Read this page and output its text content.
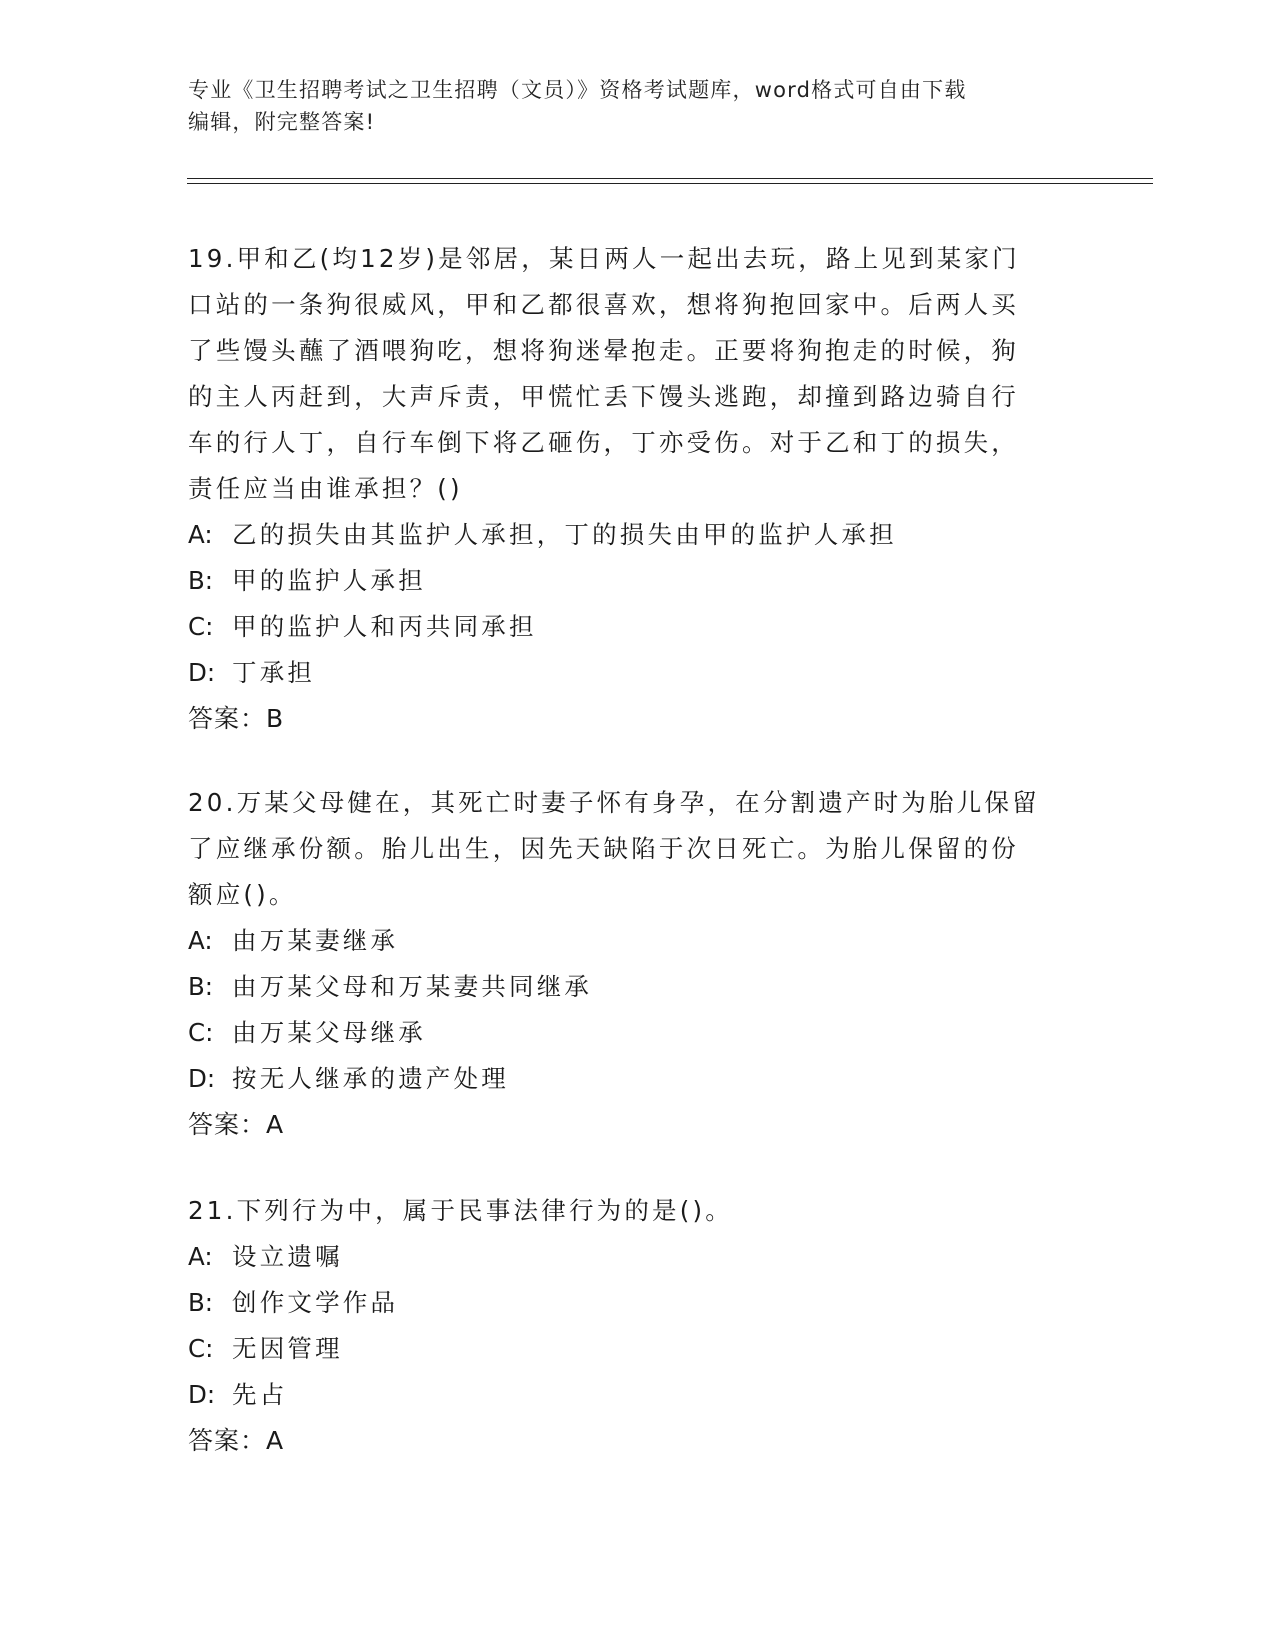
专业《卫生招聘考试之卫生招聘（文员）》资格考试题库，word格式可自由下载
编辑，附完整答案!

19.甲和乙(均12岁)是邻居，某日两人一起出去玩，路上见到某家门

口站的一条狗很威风，甲和乙都很喜欢，想将狗抱回家中。后两人买

了些馒头蘸了酒喂狗吃，想将狗迷晕抱走。正要将狗抱走的时候，狗

的主人丙赶到，大声斥责，甲慌忙丢下馒头逃跑，却撞到路边骑自行

车的行人丁，自行车倒下将乙砸伤，丁亦受伤。对于乙和丁的损失，

责任应当由谁承担？()

A: 乙的损失由其监护人承担，丁的损失由甲的监护人承担

B: 甲的监护人承担

C: 甲的监护人和丙共同承担

D: 丁承担

答案：B

20.万某父母健在，其死亡时妻子怀有身孕，在分割遗产时为胎儿保留

了应继承份额。胎儿出生，因先天缺陷于次日死亡。为胎儿保留的份

额应()。

A: 由万某妻继承

B: 由万某父母和万某妻共同继承

C: 由万某父母继承

D: 按无人继承的遗产处理

答案：A

21.下列行为中，属于民事法律行为的是()。

A: 设立遗嘱

B: 创作文学作品

C: 无因管理

D: 先占

答案：A
